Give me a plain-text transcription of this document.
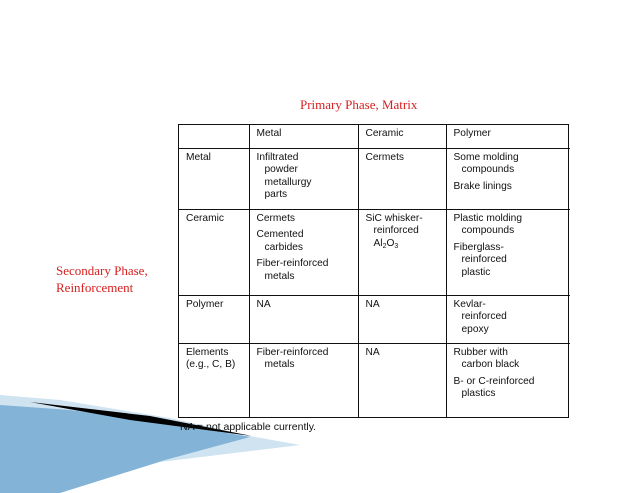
Primary Phase, Matrix
Secondary Phase,
Reinforcement
	Metal	Ceramic	Polymer
Metal	Infiltrated
powder
metallurgy
parts	Cermets	Some molding
compounds
Brake linings

Ceramic	Cermets
Cemented
carbides
Fiber-reinforced
metals	SiC whisker-
reinforced
$Al_2O_3$	Plastic molding
compounds
Fiberglass-
reinforced
plastic

Polymer	NA	NA	Kevlar-
reinforced
epoxy

Elements
(e.g., C, B)	Fiber-reinforced
metals	NA	Rubber with
carbon black
B- or C-reinforced
plastics
NA = not applicable currently.
